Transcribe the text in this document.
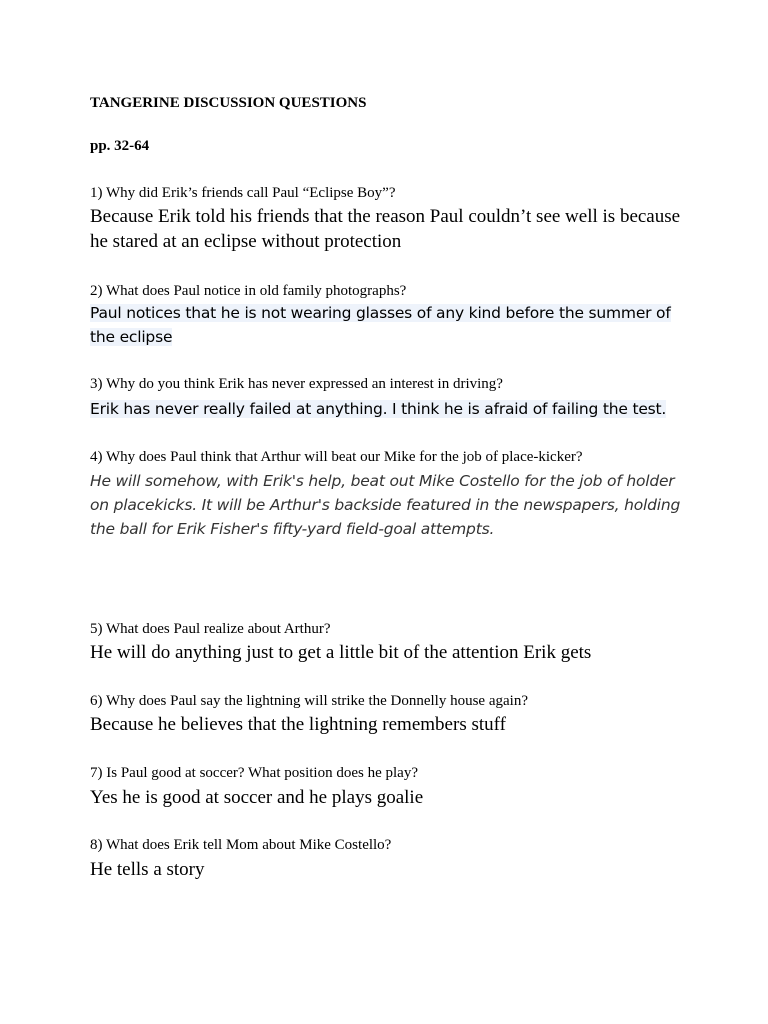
TANGERINE DISCUSSION QUESTIONS
pp. 32-64
1) Why did Erik’s friends call Paul “Eclipse Boy”?
Because Erik told his friends that the reason Paul couldn’t see well is because he stared at an eclipse without protection
2) What does Paul notice in old family photographs?
Paul notices that he is not wearing glasses of any kind before the summer of the eclipse
3) Why do you think Erik has never expressed an interest in driving?
Erik has never really failed at anything. I think he is afraid of failing the test.
4) Why does Paul think that Arthur will beat our Mike for the job of place-kicker?
He will somehow, with Erik's help, beat out Mike Costello for the job of holder on placekicks. It will be Arthur's backside featured in the newspapers, holding the ball for Erik Fisher's fifty-yard field-goal attempts.
5) What does Paul realize about Arthur?
He will do anything just to get a little bit of the attention Erik gets
6) Why does Paul say the lightning will strike the Donnelly house again?
Because he believes that the lightning remembers stuff
7) Is Paul good at soccer? What position does he play?
Yes he is good at soccer and he plays goalie
8) What does Erik tell Mom about Mike Costello?
He tells a story
